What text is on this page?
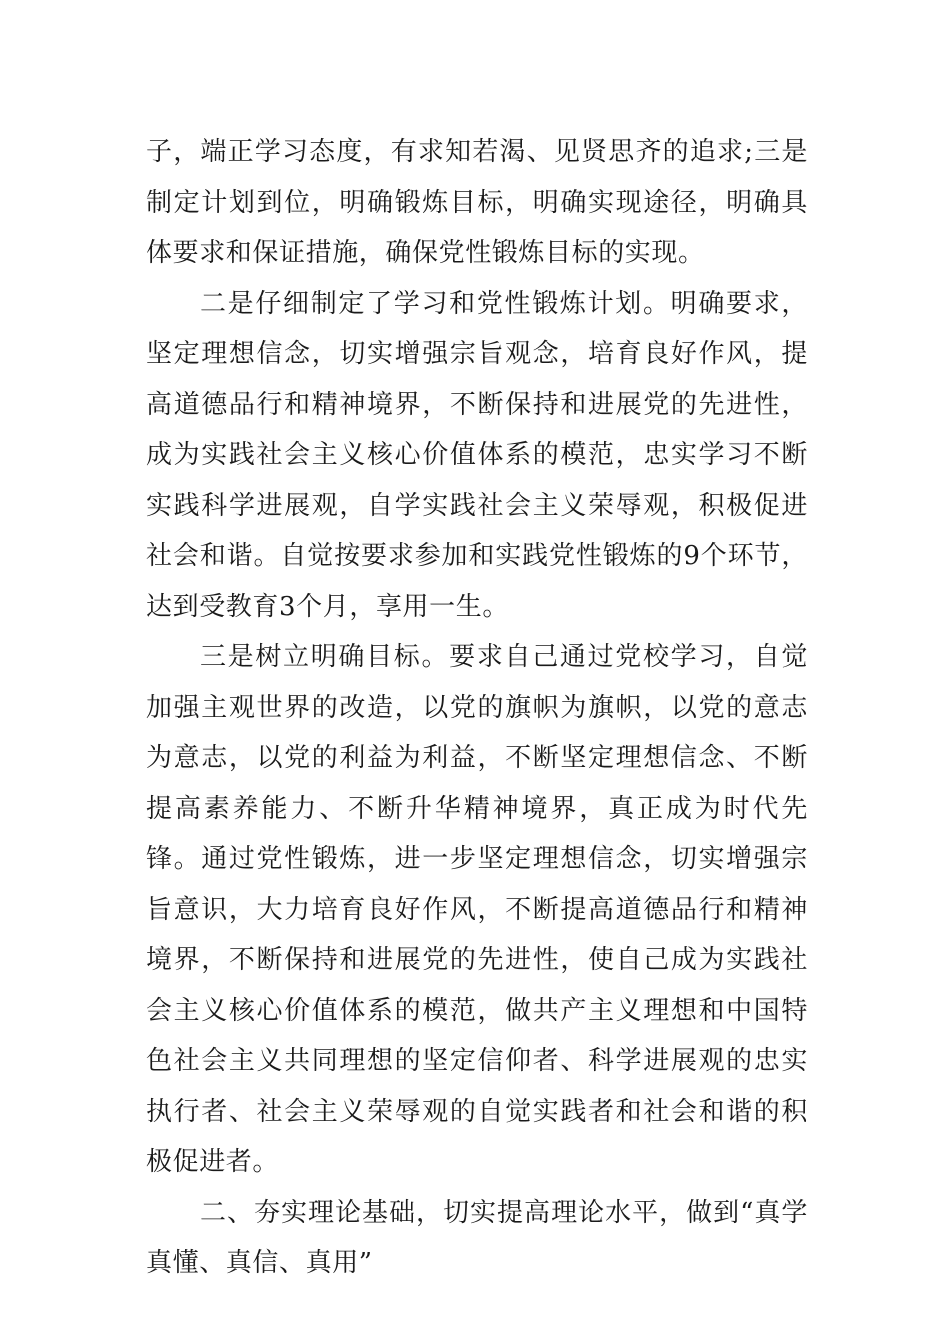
子，端正学习态度，有求知若渴、见贤思齐的追求;三是制定计划到位，明确锻炼目标，明确实现途径，明确具体要求和保证措施，确保党性锻炼目标的实现。

二是仔细制定了学习和党性锻炼计划。明确要求，坚定理想信念，切实增强宗旨观念，培育良好作风，提高道德品行和精神境界，不断保持和进展党的先进性，成为实践社会主义核心价值体系的模范，忠实学习不断实践科学进展观，自学实践社会主义荣辱观，积极促进社会和谐。自觉按要求参加和实践党性锻炼的9个环节，达到受教育3个月，享用一生。

三是树立明确目标。要求自己通过党校学习，自觉加强主观世界的改造，以党的旗帜为旗帜，以党的意志为意志，以党的利益为利益，不断坚定理想信念、不断提高素养能力、不断升华精神境界，真正成为时代先锋。通过党性锻炼，进一步坚定理想信念，切实增强宗旨意识，大力培育良好作风，不断提高道德品行和精神境界，不断保持和进展党的先进性，使自己成为实践社会主义核心价值体系的模范，做共产主义理想和中国特色社会主义共同理想的坚定信仰者、科学进展观的忠实执行者、社会主义荣辱观的自觉实践者和社会和谐的积极促进者。

二、夯实理论基础，切实提高理论水平，做到“真学真懂、真信、真用”
